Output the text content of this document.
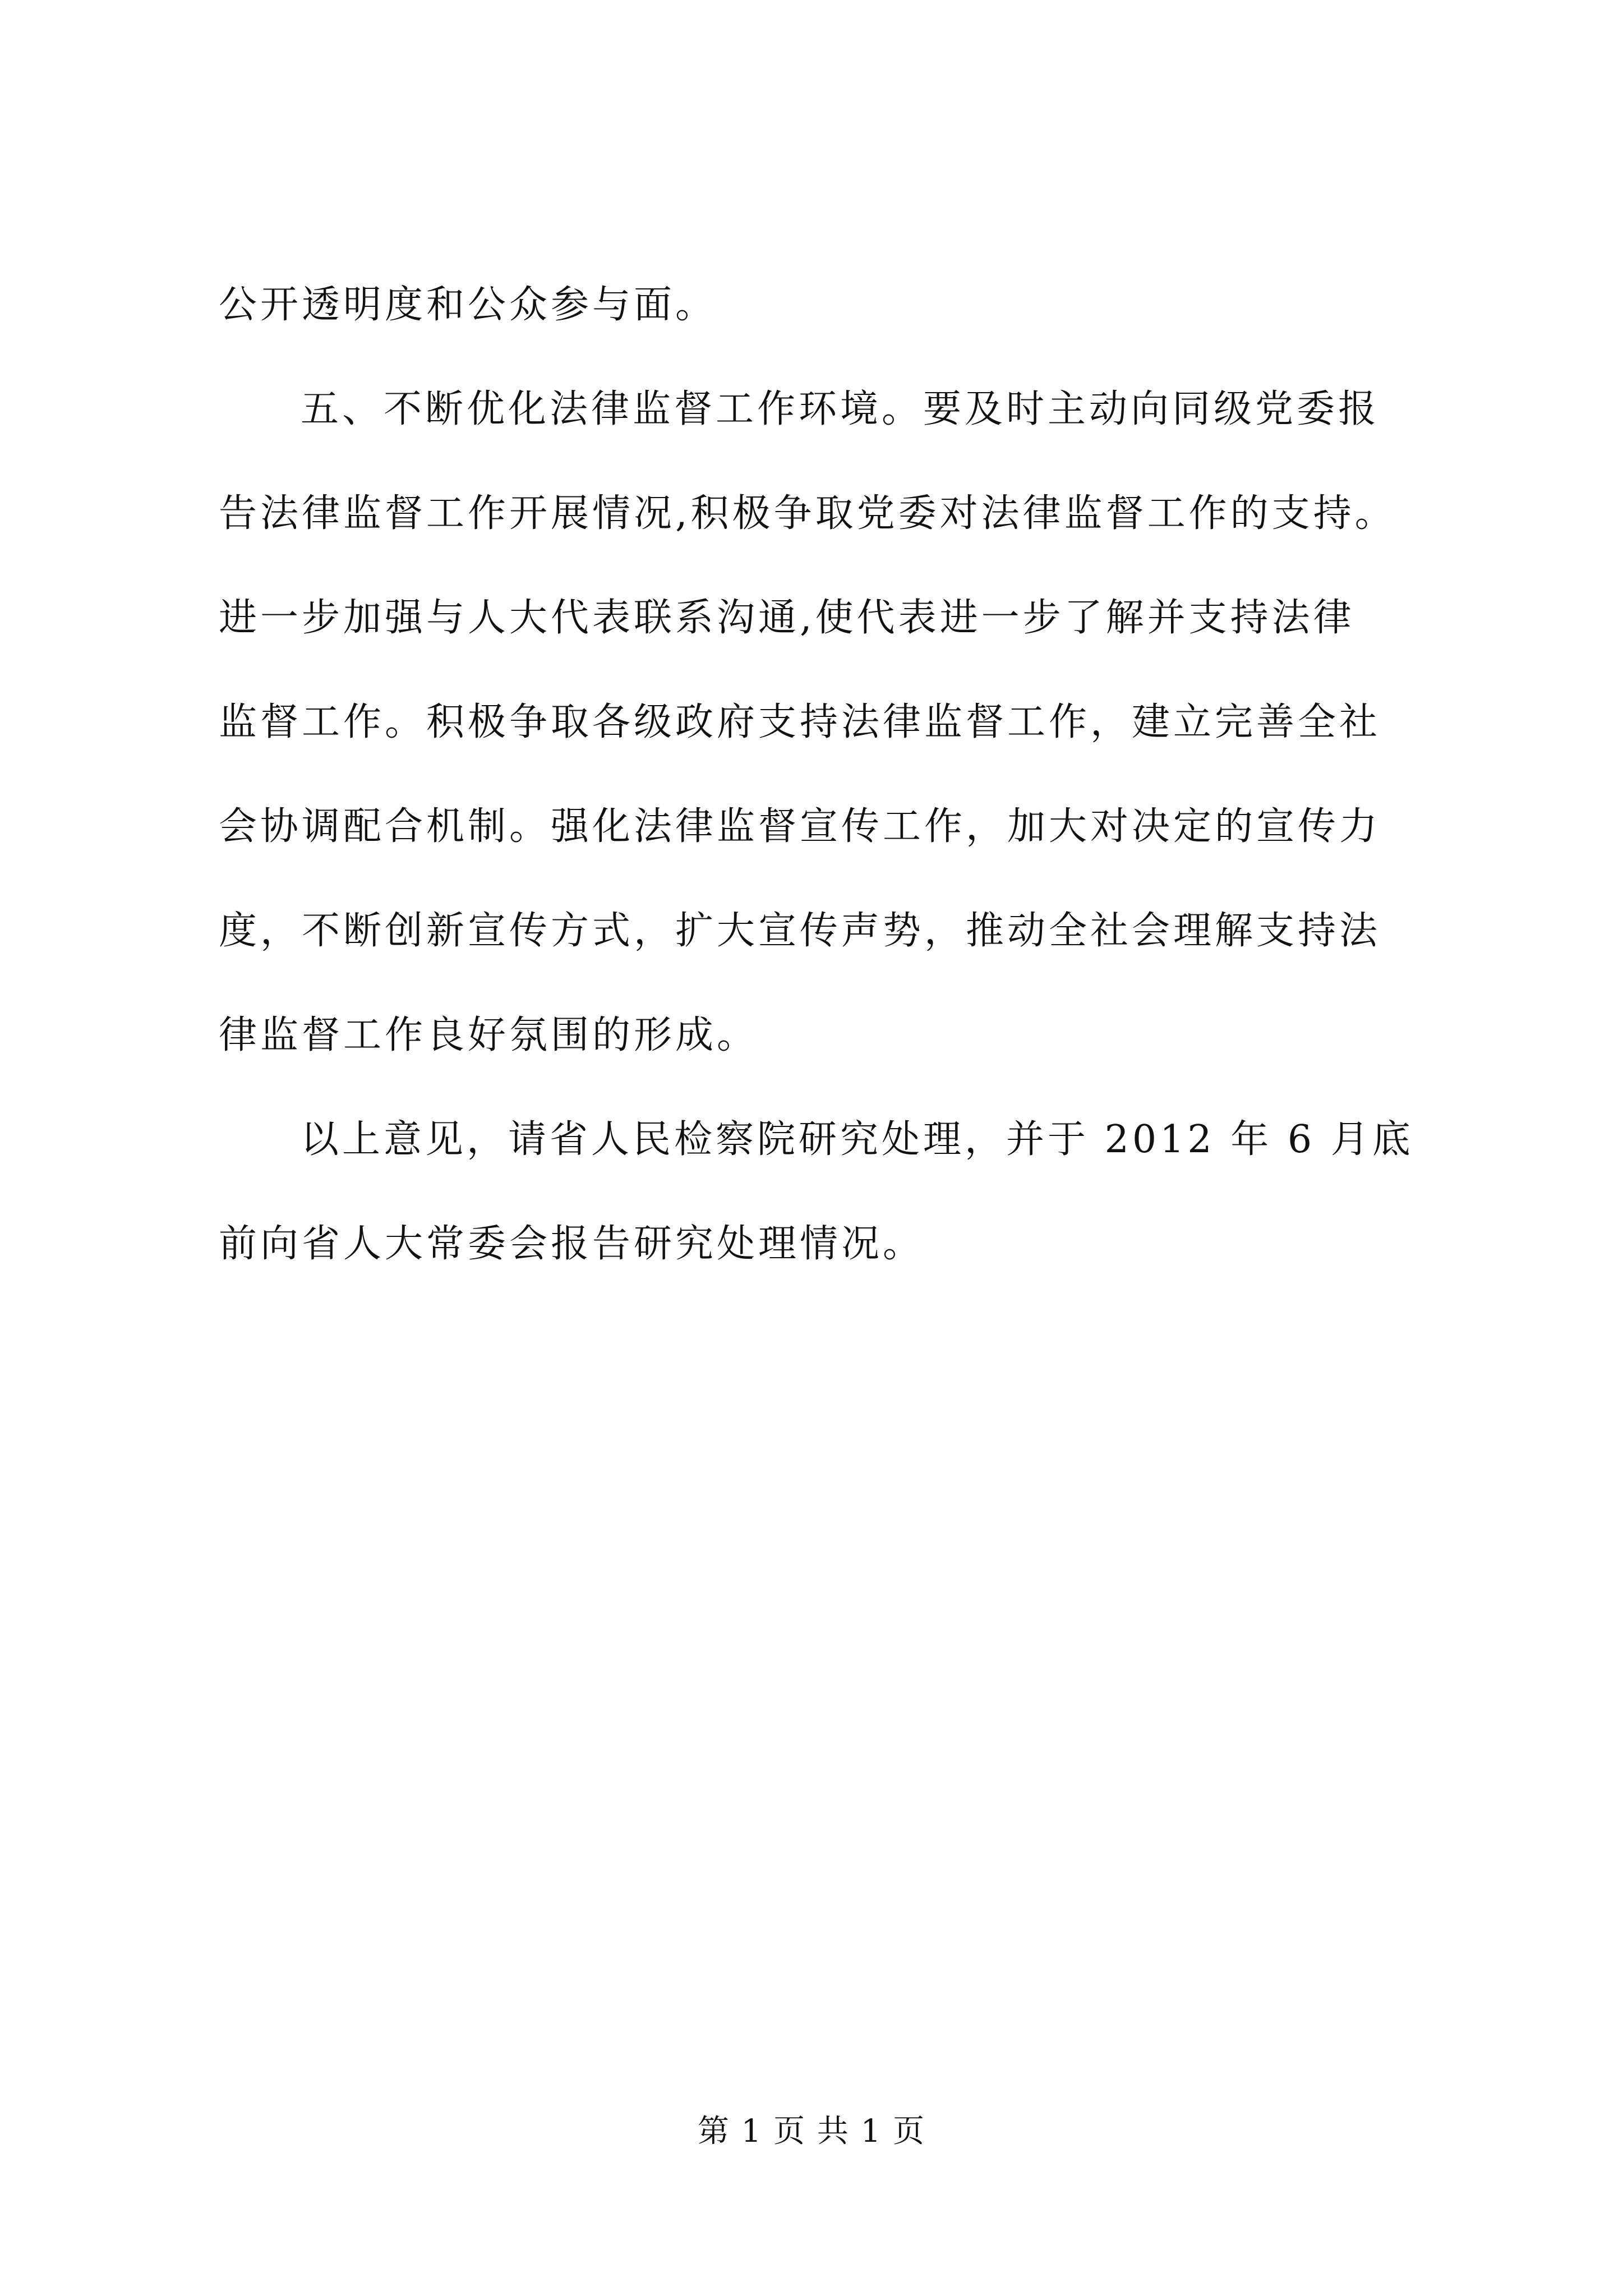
公开透明度和公众参与面。
五、不断优化法律监督工作环境。要及时主动向同级党委报
告法律监督工作开展情况,积极争取党委对法律监督工作的支持。
进一步加强与人大代表联系沟通,使代表进一步了解并支持法律
监督工作。积极争取各级政府支持法律监督工作，建立完善全社
会协调配合机制。强化法律监督宣传工作，加大对决定的宣传力
度，不断创新宣传方式，扩大宣传声势，推动全社会理解支持法
律监督工作良好氛围的形成。
以上意见，请省人民检察院研究处理，并于 2012 年 6 月底
前向省人大常委会报告研究处理情况。
第 1 页 共 1 页
